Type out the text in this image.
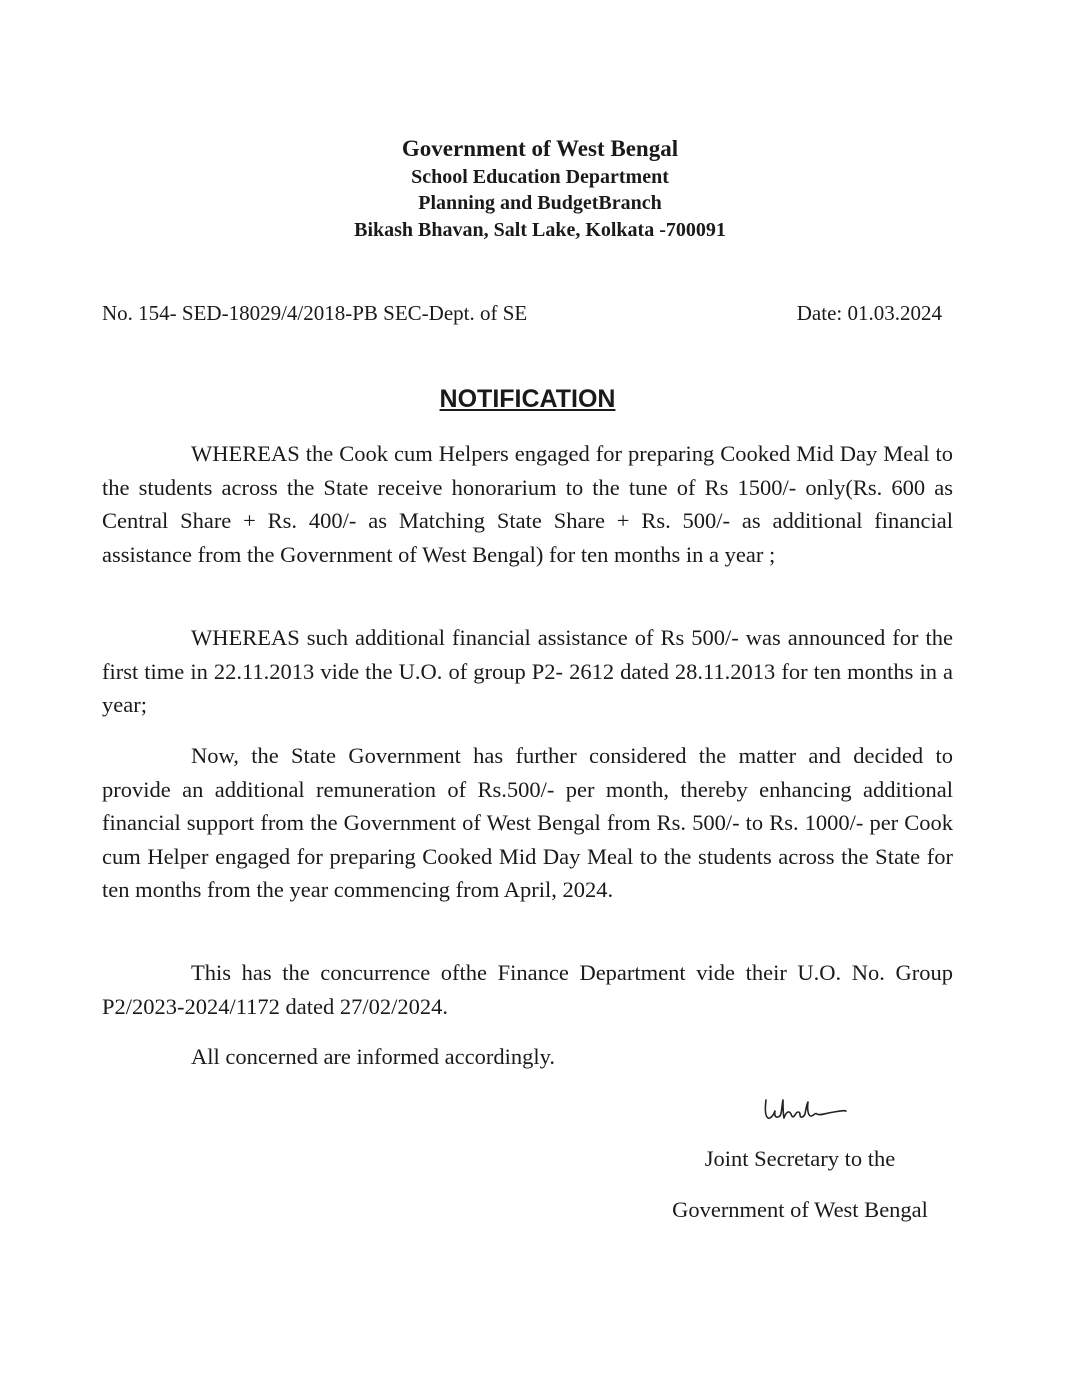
Government of West Bengal
School Education Department
Planning and BudgetBranch
Bikash Bhavan, Salt Lake, Kolkata -700091
No. 154- SED-18029/4/2018-PB SEC-Dept. of SE	Date: 01.03.2024
NOTIFICATION

WHEREAS the Cook cum Helpers engaged for preparing Cooked Mid Day Meal to the students across the State receive honorarium to the tune of Rs 1500/- only(Rs. 600 as Central Share + Rs. 400/- as Matching State Share + Rs. 500/- as additional financial assistance from the Government of West Bengal) for ten months in a year ;

WHEREAS such additional financial assistance of Rs 500/- was announced for the first time in 22.11.2013 vide the U.O. of group P2- 2612 dated 28.11.2013 for ten months in a year;

Now, the State Government has further considered the matter and decided to provide an additional remuneration of Rs.500/- per month, thereby enhancing additional financial support from the Government of West Bengal from Rs. 500/- to Rs. 1000/- per Cook cum Helper engaged for preparing Cooked Mid Day Meal to the students across the State for ten months from the year commencing from April, 2024.

This has the concurrence ofthe Finance Department vide their U.O. No. Group P2/2023-2024/1172 dated 27/02/2024.

All concerned are informed accordingly.

Joint Secretary to the
Government of West Bengal
